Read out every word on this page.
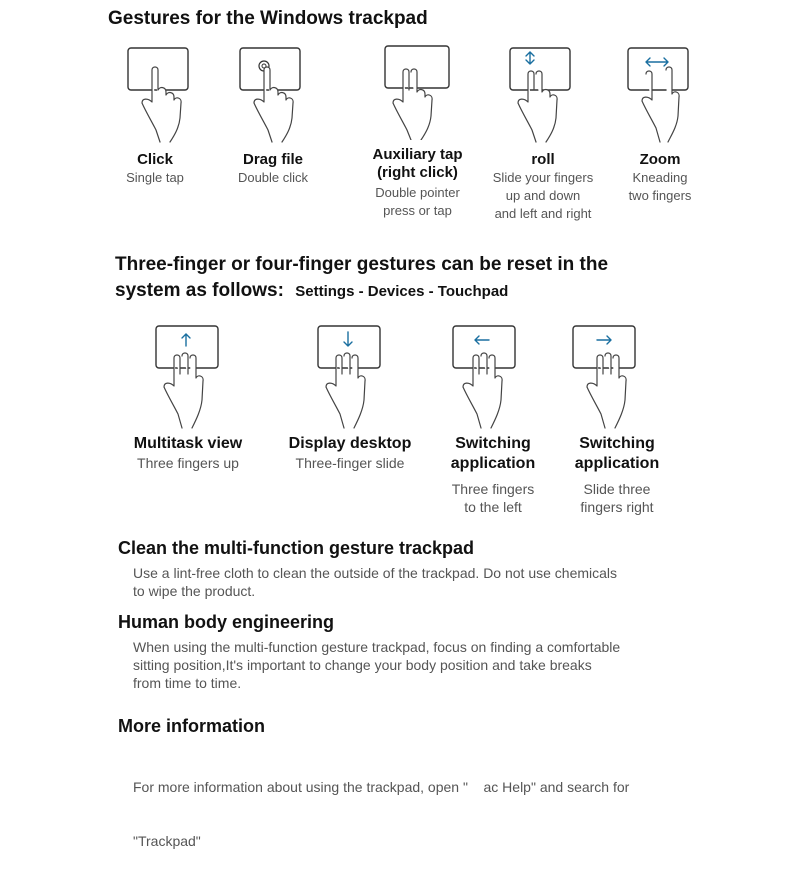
Gestures for the Windows trackpad
Click
Single tap
Drag file
Double click
Auxiliary tap
(right click)
Double pointer
press or tap
roll
Slide your fingers
up and down
and left and right
Zoom
Kneading
two fingers
Three-finger or four-finger gestures can be reset in the
system as follows: Settings - Devices - Touchpad
Multitask view
Three fingers up
Display desktop
Three-finger slide
Switching
application
Three fingers
to the left
Switching
application
Slide three
fingers right
Clean the multi-function gesture trackpad
Use a lint-free cloth to clean the outside of the trackpad. Do not use chemicals
to wipe the product.
Human body engineering
When using the multi-function gesture trackpad, focus on finding a comfortable
sitting position,It's important to change your body position and take breaks
from time to time.
More information

For more information about using the trackpad, open "    ac Help" and search for

"Trackpad"
